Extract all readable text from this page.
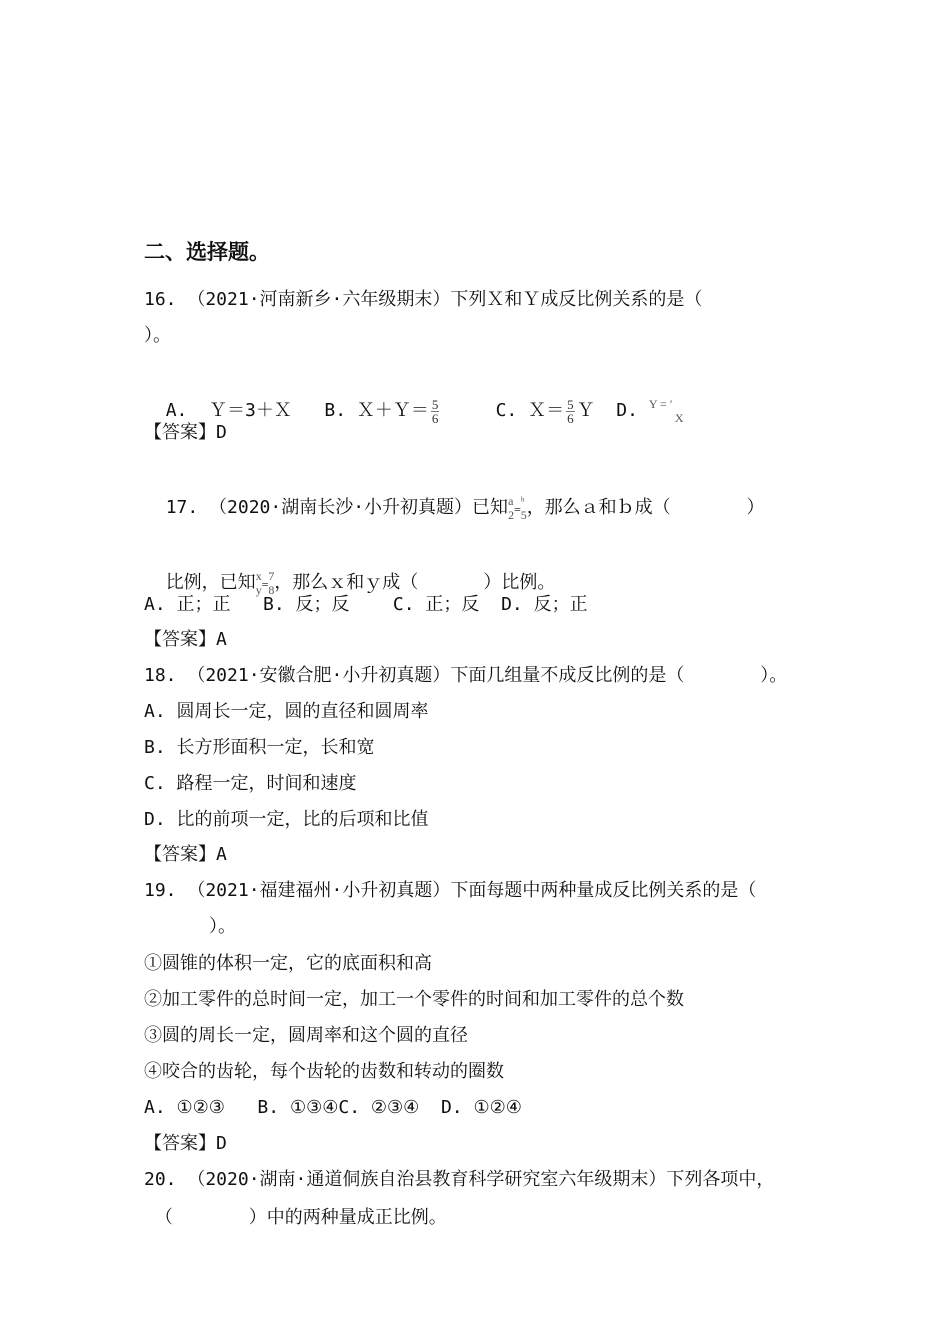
二、选择题。
16. （2021·河南新乡·六年级期末）下列Ｘ和Ｙ成反比例关系的是（
）。

A.  Ｙ＝3＋Ｘ B. Ｘ＋Ｙ＝ $\frac{5}{6}$	C. Ｘ＝ $\frac{5}{6}$ Ｙ D. Y = ′
X

【答案】D

17. （2020·湖南长沙·小升初真题）已知 a
2 =
ʰ
5 ，那么ａ和ｂ成（       ）

比例，已知 x
y =
7
8 ，那么ｘ和ｙ成（      ）比例。

A. 正；正   B. 反；反    C. 正；反  D. 反；正
【答案】A
18. （2021·安徽合肥·小升初真题）下面几组量不成反比例的是（       ）。
A. 圆周长一定，圆的直径和圆周率
B. 长方形面积一定，长和宽
C. 路程一定，时间和速度
D. 比的前项一定，比的后项和比值
【答案】A
19. （2021·福建福州·小升初真题）下面每题中两种量成反比例关系的是（
）。
①圆锥的体积一定，它的底面积和高
②加工零件的总时间一定，加工一个零件的时间和加工零件的总个数
③圆的周长一定，圆周率和这个圆的直径
④咬合的齿轮，每个齿轮的齿数和转动的圈数
A. ①②③   B. ①③④C. ②③④  D. ①②④
【答案】D
20. （2020·湖南·通道侗族自治县教育科学研究室六年级期末）下列各项中，
（       ）中的两种量成正比例。
